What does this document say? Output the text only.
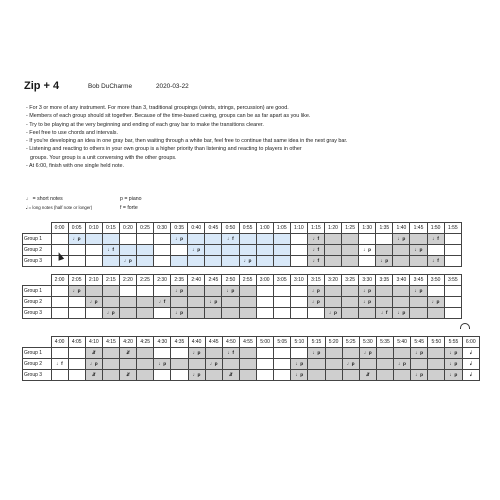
Zip + 4	Bob DuCharme	2020-03-22
- For 3 or more of any instrument. For more than 3, traditional groupings (winds, strings, percussion) are good.
- Members of each group should sit together. Because of the time-based cueing, groups can be as far apart as you like.
- Try to be playing at the very beginning and ending of each gray bar to make the transitions clearer.
- Feel free to use chords and intervals.
- If you're developing an idea in one gray bar, then waiting through a white bar, feel free to continue that same idea in the next gray bar.
- Listening and reacting to others in your own group is a higher priority than listening and reacting to players in other
groups. Your group is a unit conversing with the other groups.
- At 6:00, finish with one single held note.
♩ = short notes
𝅗𝅥 = long notes (half note or longer)
p = piano
f = forte
	0:00	0:05	0:10	0:15	0:20	0:25	0:30	0:35	0:40	0:45	0:50	0:55	1:00	1:05	1:10	1:15	1:20	1:25	1:30	1:35	1:40	1:45	1:50	1:55
Group 1		♩p						♩p			♩f					♩f					♩p		♩f	
Group 2				♩f					♩p							♩f			♩p			♩p		
Group 3					♩p							♩p				♩f				♩p			♩f	
	2:00	2:05	2:10	2:15	2:20	2:25	2:30	2:35	2:40	2:45	2:50	2:55	3:00	3:05	3:10	3:15	3:20	3:25	3:30	3:35	3:40	3:45	3:50	3:55
Group 1		♩p						♩p			♩p					♩p			♩p			♩p		
Group 2			♩p				♩f			♩p						♩p			♩p				♩p	
Group 3				♩p				♩p									♩p			♩f	♩p			
	4:00	4:05	4:10	4:15	4:20	4:25	4:30	4:35	4:40	4:45	4:50	4:55	5:00	5:05	5:10	5:15	5:20	5:25	5:30	5:35	5:40	5:45	5:50	5:55	6:00
Group 1			𝅗𝅥f		𝅗𝅥f				♩p		♩f					♩p			♩p			♩p		♩p	𝅗𝅥
Group 2	♩f		♩p				♩p			♩p					♩p			♩p			♩p			♩p	𝅗𝅥
Group 3			𝅗𝅥f		𝅗𝅥f				♩p		𝅗𝅥f				♩p				𝅗𝅥f			♩p		♩p	𝅗𝅥
